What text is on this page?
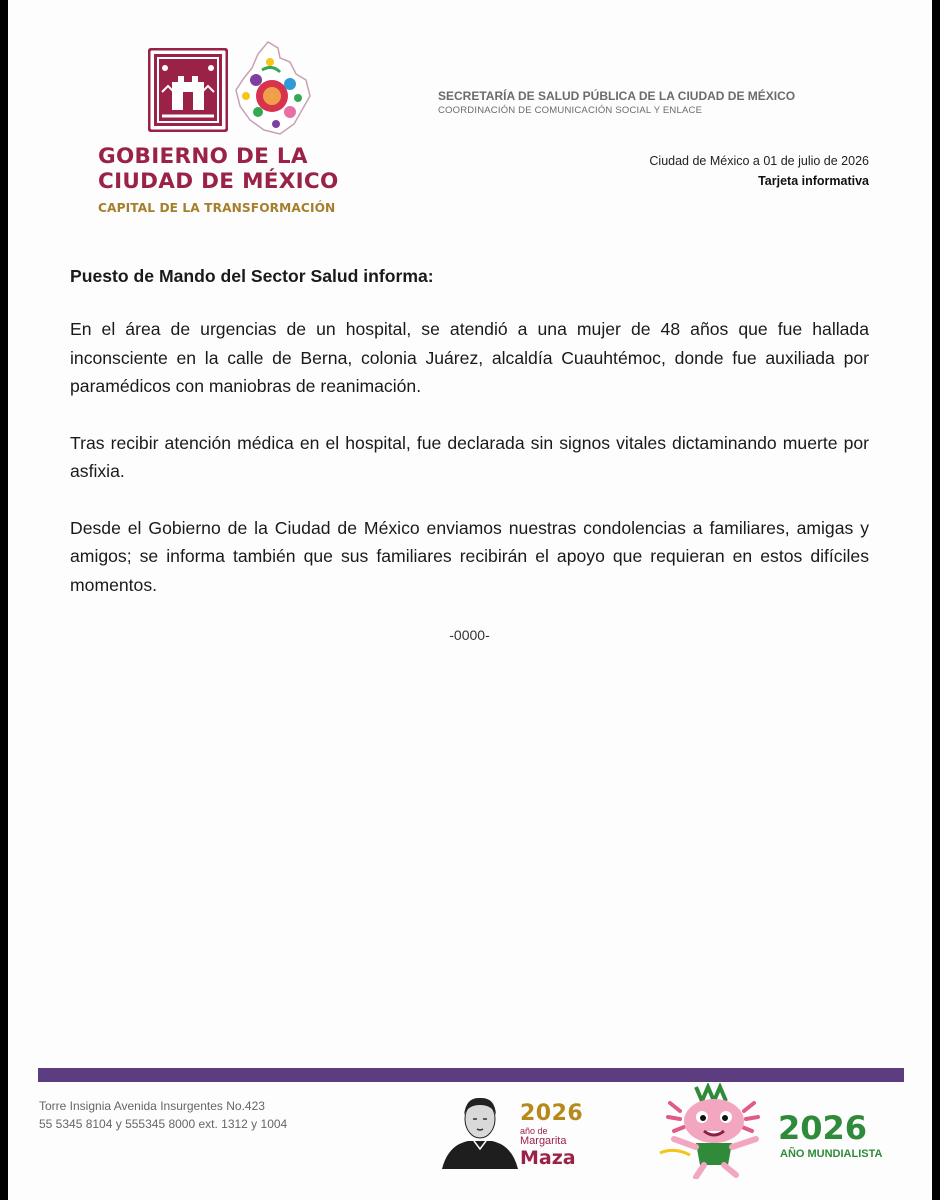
GOBIERNO DE LA
CIUDAD DE MÉXICO
CAPITAL DE LA TRANSFORMACIÓN
SECRETARÍA DE SALUD PÚBLICA DE LA CIUDAD DE MÉXICO
COORDINACIÓN DE COMUNICACIÓN SOCIAL Y ENLACE
Ciudad de México a 01 de julio de 2026
Tarjeta informativa

Puesto de Mando del Sector Salud informa:

En el área de urgencias de un hospital, se atendió a una mujer de 48 años que fue hallada inconsciente en la calle de Berna, colonia Juárez, alcaldía Cuauhtémoc, donde fue auxiliada por paramédicos con maniobras de reanimación.

Tras recibir atención médica en el hospital, fue declarada sin signos vitales dictaminando muerte por asfixia.

Desde el Gobierno de la Ciudad de México enviamos nuestras condolencias a familiares, amigas y amigos; se informa también que sus familiares recibirán el apoyo que requieran en estos difíciles momentos.

-0000-
Torre Insignia Avenida Insurgentes No.423
55 5345 8104 y 555345 8000 ext. 1312 y 1004	2026
año de
Margarita
Maza
2026
AÑO MUNDIALISTA
